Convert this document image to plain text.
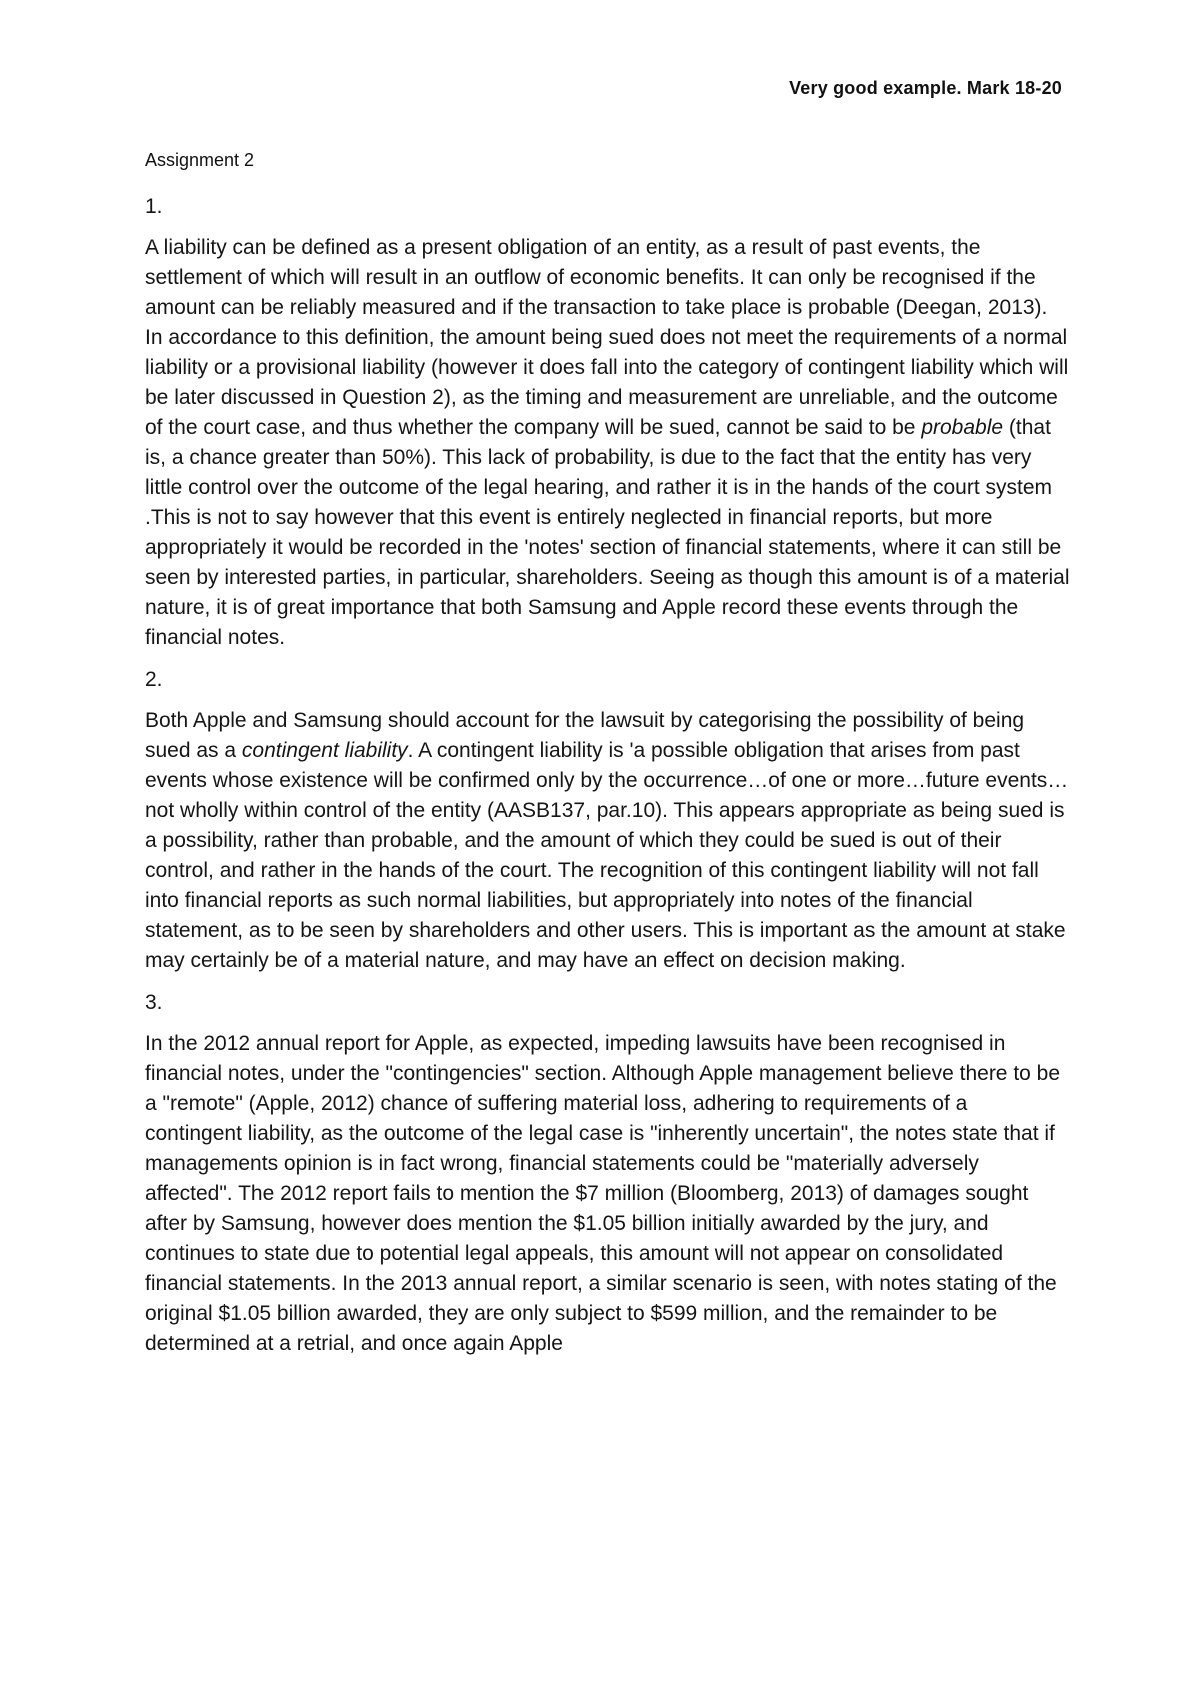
Very good example. Mark 18-20
Assignment 2
1.
A liability can be defined as a present obligation of an entity, as a result of past events, the settlement of which will result in an outflow of economic benefits. It can only be recognised if the amount can be reliably measured and if the transaction to take place is probable (Deegan, 2013). In accordance to this definition, the amount being sued does not meet the requirements of a normal liability or a provisional liability (however it does fall into the category of contingent liability which will be later discussed in Question 2), as the timing and measurement are unreliable, and the outcome of the court case, and thus whether the company will be sued, cannot be said to be probable (that is, a chance greater than 50%). This lack of probability, is due to the fact that the entity has very little control over the outcome of the legal hearing, and rather it is in the hands of the court system .This is not to say however that this event is entirely neglected in financial reports, but more appropriately it would be recorded in the 'notes' section of financial statements, where it can still be seen by interested parties, in particular, shareholders. Seeing as though this amount is of a material nature, it is of great importance that both Samsung and Apple record these events through the financial notes.
2.
Both Apple and Samsung should account for the lawsuit by categorising the possibility of being sued as a contingent liability. A contingent liability is 'a possible obligation that arises from past events whose existence will be confirmed only by the occurrence…of one or more…future events…not wholly within control of the entity (AASB137, par.10). This appears appropriate as being sued is a possibility, rather than probable, and the amount of which they could be sued is out of their control, and rather in the hands of the court. The recognition of this contingent liability will not fall into financial reports as such normal liabilities, but appropriately into notes of the financial statement, as to be seen by shareholders and other users. This is important as the amount at stake may certainly be of a material nature, and may have an effect on decision making.
3.
In the 2012 annual report for Apple, as expected, impeding lawsuits have been recognised in financial notes, under the "contingencies" section. Although Apple management believe there to be a "remote" (Apple, 2012) chance of suffering material loss, adhering to requirements of a contingent liability, as the outcome of the legal case is "inherently uncertain", the notes state that if managements opinion is in fact wrong, financial statements could be "materially adversely affected". The 2012 report fails to mention the $7 million (Bloomberg, 2013) of damages sought after by Samsung, however does mention the $1.05 billion initially awarded by the jury, and continues to state due to potential legal appeals, this amount will not appear on consolidated financial statements. In the 2013 annual report, a similar scenario is seen, with notes stating of the original $1.05 billion awarded, they are only subject to $599 million, and the remainder to be determined at a retrial, and once again Apple
